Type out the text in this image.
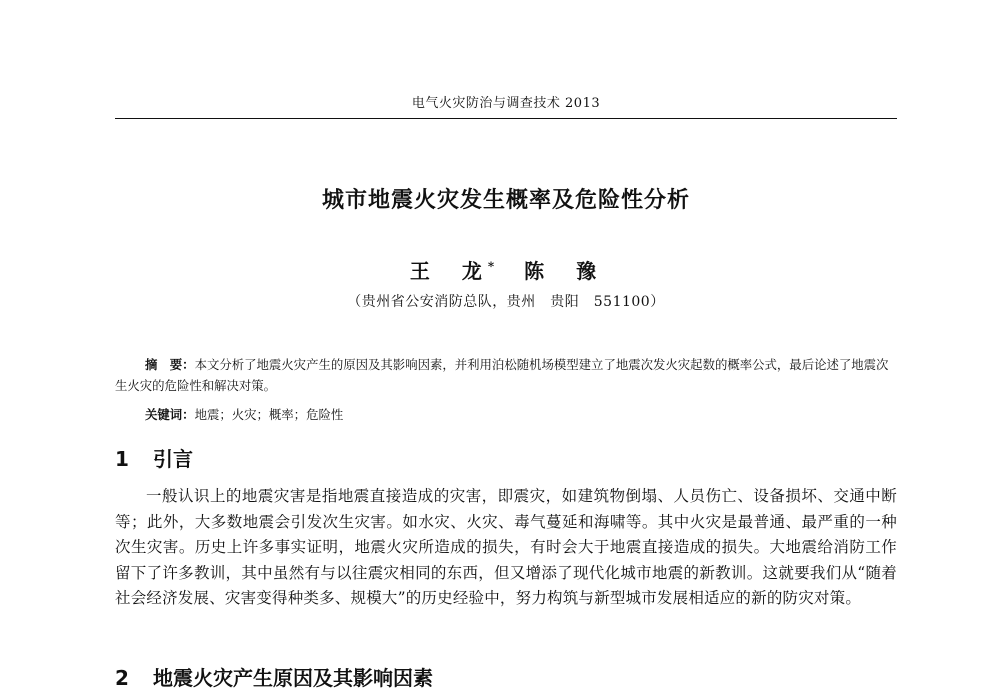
电气火灾防治与调查技术 2013
城市地震火灾发生概率及危险性分析
王　龙* 陈　豫
（贵州省公安消防总队，贵州　贵阳　551100）
摘　要：本文分析了地震火灾产生的原因及其影响因素，并利用泊松随机场模型建立了地震次发火灾起数的概率公式，最后论述了地震次生火灾的危险性和解决对策。
关键词：地震；火灾；概率；危险性
1 引言
一般认识上的地震灾害是指地震直接造成的灾害，即震灾，如建筑物倒塌、人员伤亡、设备损坏、交通中断等；此外，大多数地震会引发次生灾害。如水灾、火灾、毒气蔓延和海啸等。其中火灾是最普通、最严重的一种次生灾害。历史上许多事实证明，地震火灾所造成的损失，有时会大于地震直接造成的损失。大地震给消防工作留下了许多教训，其中虽然有与以往震灾相同的东西，但又增添了现代化城市地震的新教训。这就要我们从“随着社会经济发展、灾害变得种类多、规模大”的历史经验中，努力构筑与新型城市发展相适应的新的防灾对策。
2 地震火灾产生原因及其影响因素
